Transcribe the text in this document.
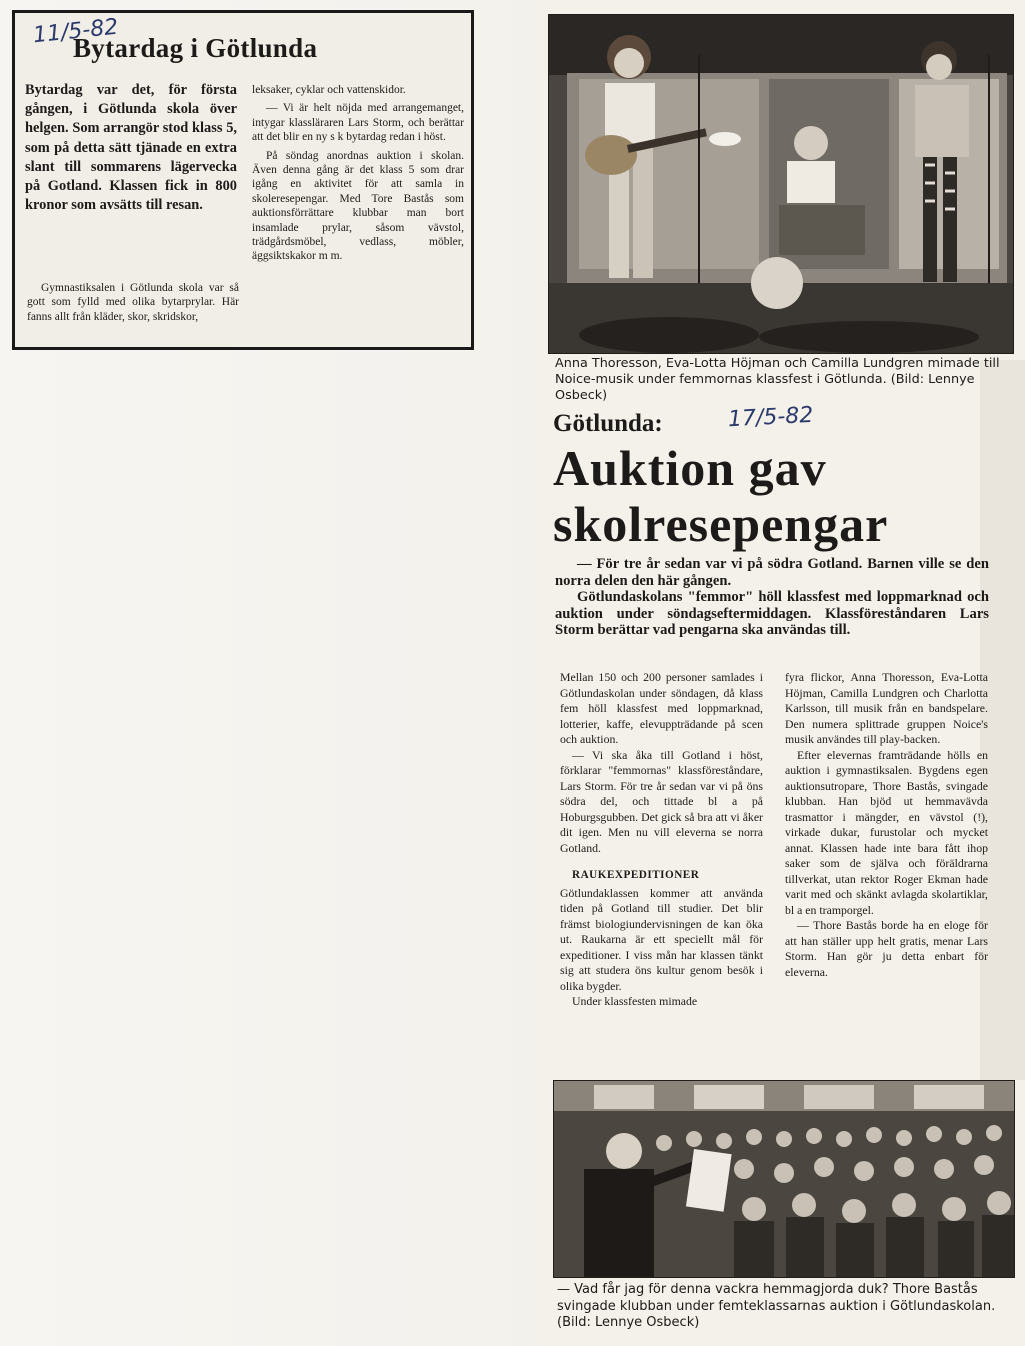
11/5-82
Bytardag i Götlunda
Bytardag var det, för första gången, i Götlunda skola över helgen. Som arrangör stod klass 5, som på detta sätt tjänade en extra slant till sommarens lägervecka på Gotland. Klassen fick in 800 kronor som avsätts till resan.

Gymnastiksalen i Götlunda skola var så gott som fylld med olika bytarprylar. Här fanns allt från kläder, skor, skridskor,

leksaker, cyklar och vattenskidor.

— Vi är helt nöjda med arrangemanget, intygar klassläraren Lars Storm, och berättar att det blir en ny s k bytardag redan i höst.

På söndag anordnas auktion i skolan. Även denna gång är det klass 5 som drar igång en aktivitet för att samla in skoleresepengar. Med Tore Bastås som auktionsförrättare klubbar man bort insamlade prylar, såsom vävstol, trädgårdsmöbel, vedlass, möbler, äggsiktskakor m m.

Anna Thoresson, Eva-Lotta Höjman och Camilla Lundgren mimade till Noice-musik under femmornas klassfest i Götlunda. (Bild: Lennye Osbeck)
Götlunda:	17/5-82
Auktion gav
skolresepengar

— För tre år sedan var vi på södra Gotland. Barnen ville se den norra delen den här gången.

Götlundaskolans "femmor" höll klassfest med loppmarknad och auktion under söndagseftermiddagen. Klassföreståndaren Lars Storm berättar vad pengarna ska användas till.

Mellan 150 och 200 personer samlades i Götlundaskolan under söndagen, då klass fem höll klassfest med loppmarknad, lotterier, kaffe, elevuppträdande på scen och auktion.

— Vi ska åka till Gotland i höst, förklarar "femmornas" klassföreståndare, Lars Storm. För tre år sedan var vi på öns södra del, och tittade bl a på Hoburgsgubben. Det gick så bra att vi åker dit igen. Men nu vill eleverna se norra Gotland.

RAUKEXPEDITIONER

Götlundaklassen kommer att använda tiden på Gotland till studier. Det blir främst biologiundervisningen de kan öka ut. Raukarna är ett speciellt mål för expeditioner. I viss mån har klassen tänkt sig att studera öns kultur genom besök i olika bygder.

Under klassfesten mimade

fyra flickor, Anna Thoresson, Eva-Lotta Höjman, Camilla Lundgren och Charlotta Karlsson, till musik från en bandspelare. Den numera splittrade gruppen Noice's musik användes till play-backen.

Efter elevernas framträdande hölls en auktion i gymnastiksalen. Bygdens egen auktionsutropare, Thore Bastås, svingade klubban. Han bjöd ut hemmavävda trasmattor i mängder, en vävstol (!), virkade dukar, furustolar och mycket annat. Klassen hade inte bara fått ihop saker som de själva och föräldrarna tillverkat, utan rektor Roger Ekman hade varit med och skänkt avlagda skolartiklar, bl a en tramporgel.

— Thore Bastås borde ha en eloge för att han ställer upp helt gratis, menar Lars Storm. Han gör ju detta enbart för eleverna.

— Vad får jag för denna vackra hemmagjorda duk? Thore Bastås svingade klubban under femteklassarnas auktion i Götlundaskolan. (Bild: Lennye Osbeck)
